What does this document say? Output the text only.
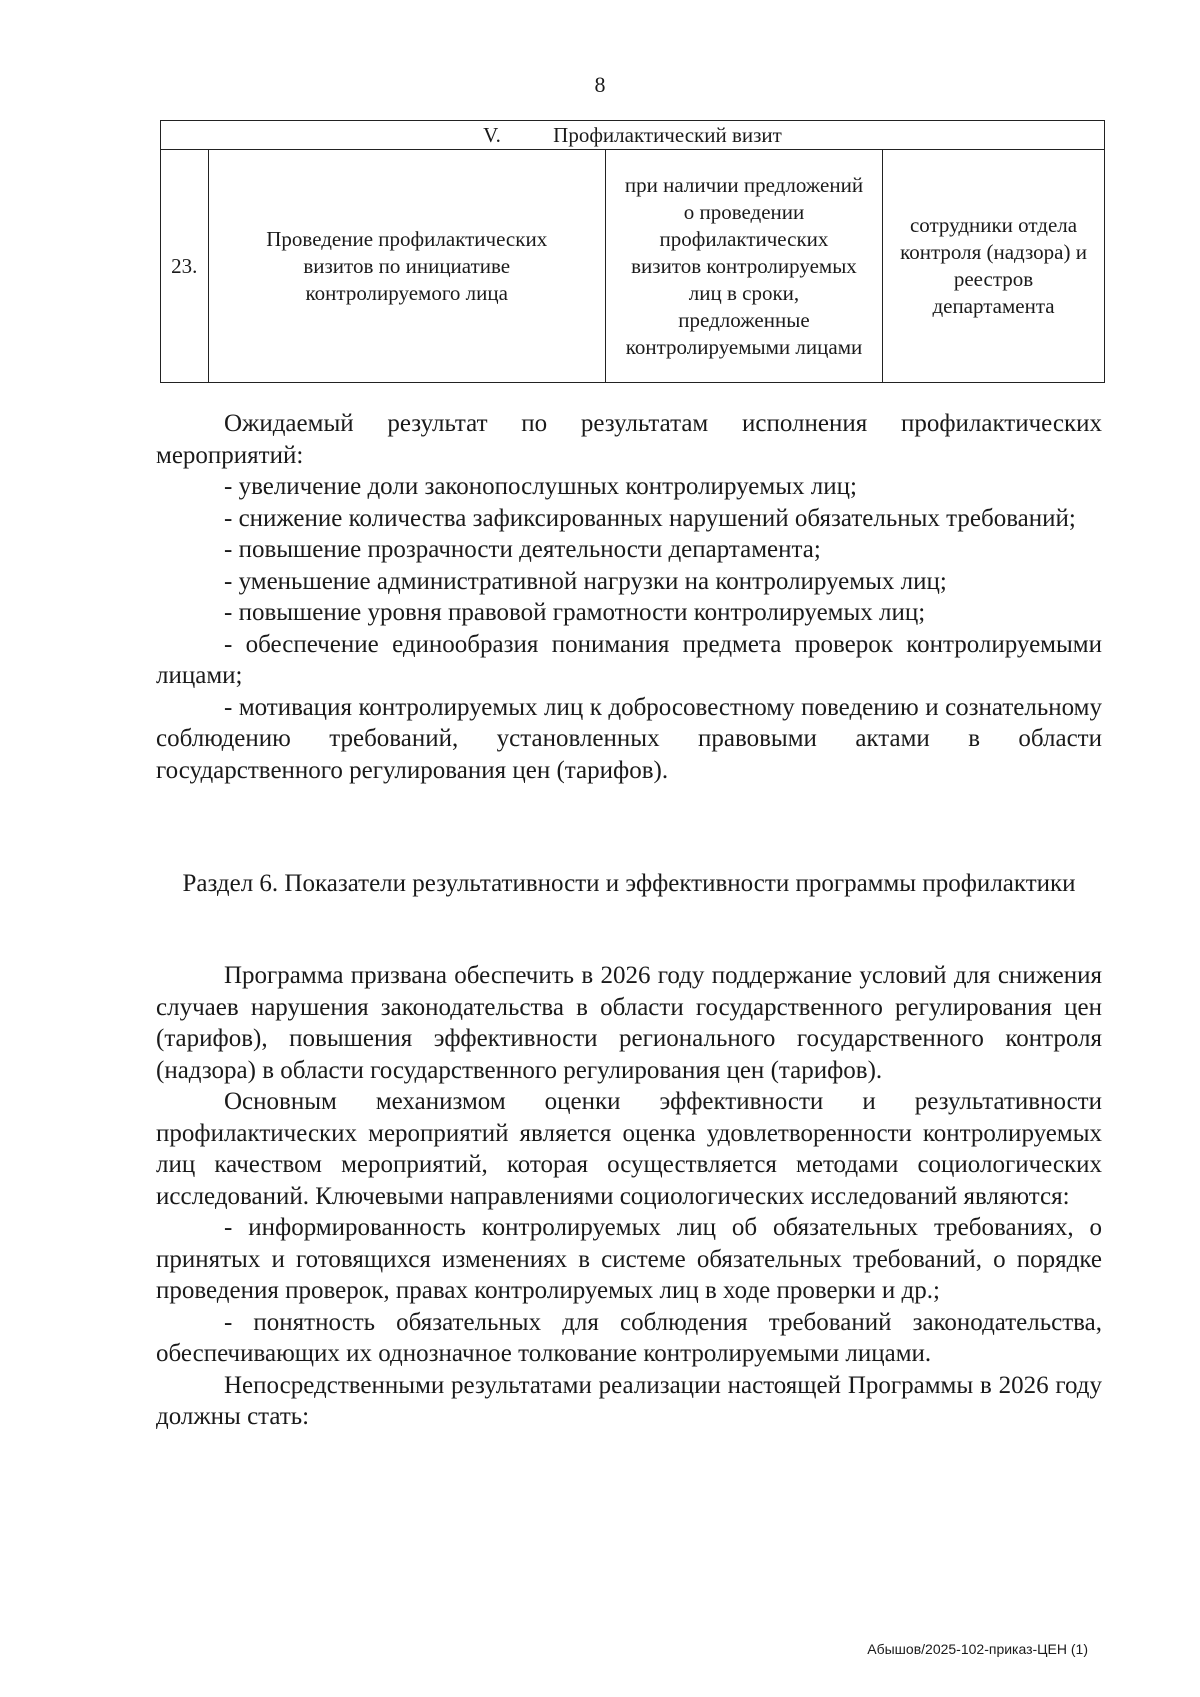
8
V. Профилактический визит
23.	Проведение профилактических визитов по инициативе контролируемого лица	при наличии предложений о проведении профилактических визитов контролируемых лиц в сроки, предложенные контролируемыми лицами	сотрудники отдела контроля (надзора) и реестров департамента

Ожидаемый результат по результатам исполнения профилактических мероприятий:

- увеличение доли законопослушных контролируемых лиц;

- снижение количества зафиксированных нарушений обязательных требований;

- повышение прозрачности деятельности департамента;

- уменьшение административной нагрузки на контролируемых лиц;

- повышение уровня правовой грамотности контролируемых лиц;

- обеспечение единообразия понимания предмета проверок контролируемыми лицами;

- мотивация контролируемых лиц к добросовестному поведению и сознательному соблюдению требований, установленных правовыми актами в области государственного регулирования цен (тарифов).

Раздел 6. Показатели результативности и эффективности программы профилактики

Программа призвана обеспечить в 2026 году поддержание условий для снижения случаев нарушения законодательства в области государственного регулирования цен (тарифов), повышения эффективности регионального государственного контроля (надзора) в области государственного регулирования цен (тарифов).

Основным механизмом оценки эффективности и результативности профилактических мероприятий является оценка удовлетворенности контролируемых лиц качеством мероприятий, которая осуществляется методами социологических исследований. Ключевыми направлениями социологических исследований являются:

- информированность контролируемых лиц об обязательных требованиях, о принятых и готовящихся изменениях в системе обязательных требований, о порядке проведения проверок, правах контролируемых лиц в ходе проверки и др.;

- понятность обязательных для соблюдения требований законодательства, обеспечивающих их однозначное толкование контролируемыми лицами.

Непосредственными результатами реализации настоящей Программы в 2026 году должны стать:

Абышов/2025-102-приказ-ЦЕН (1)
